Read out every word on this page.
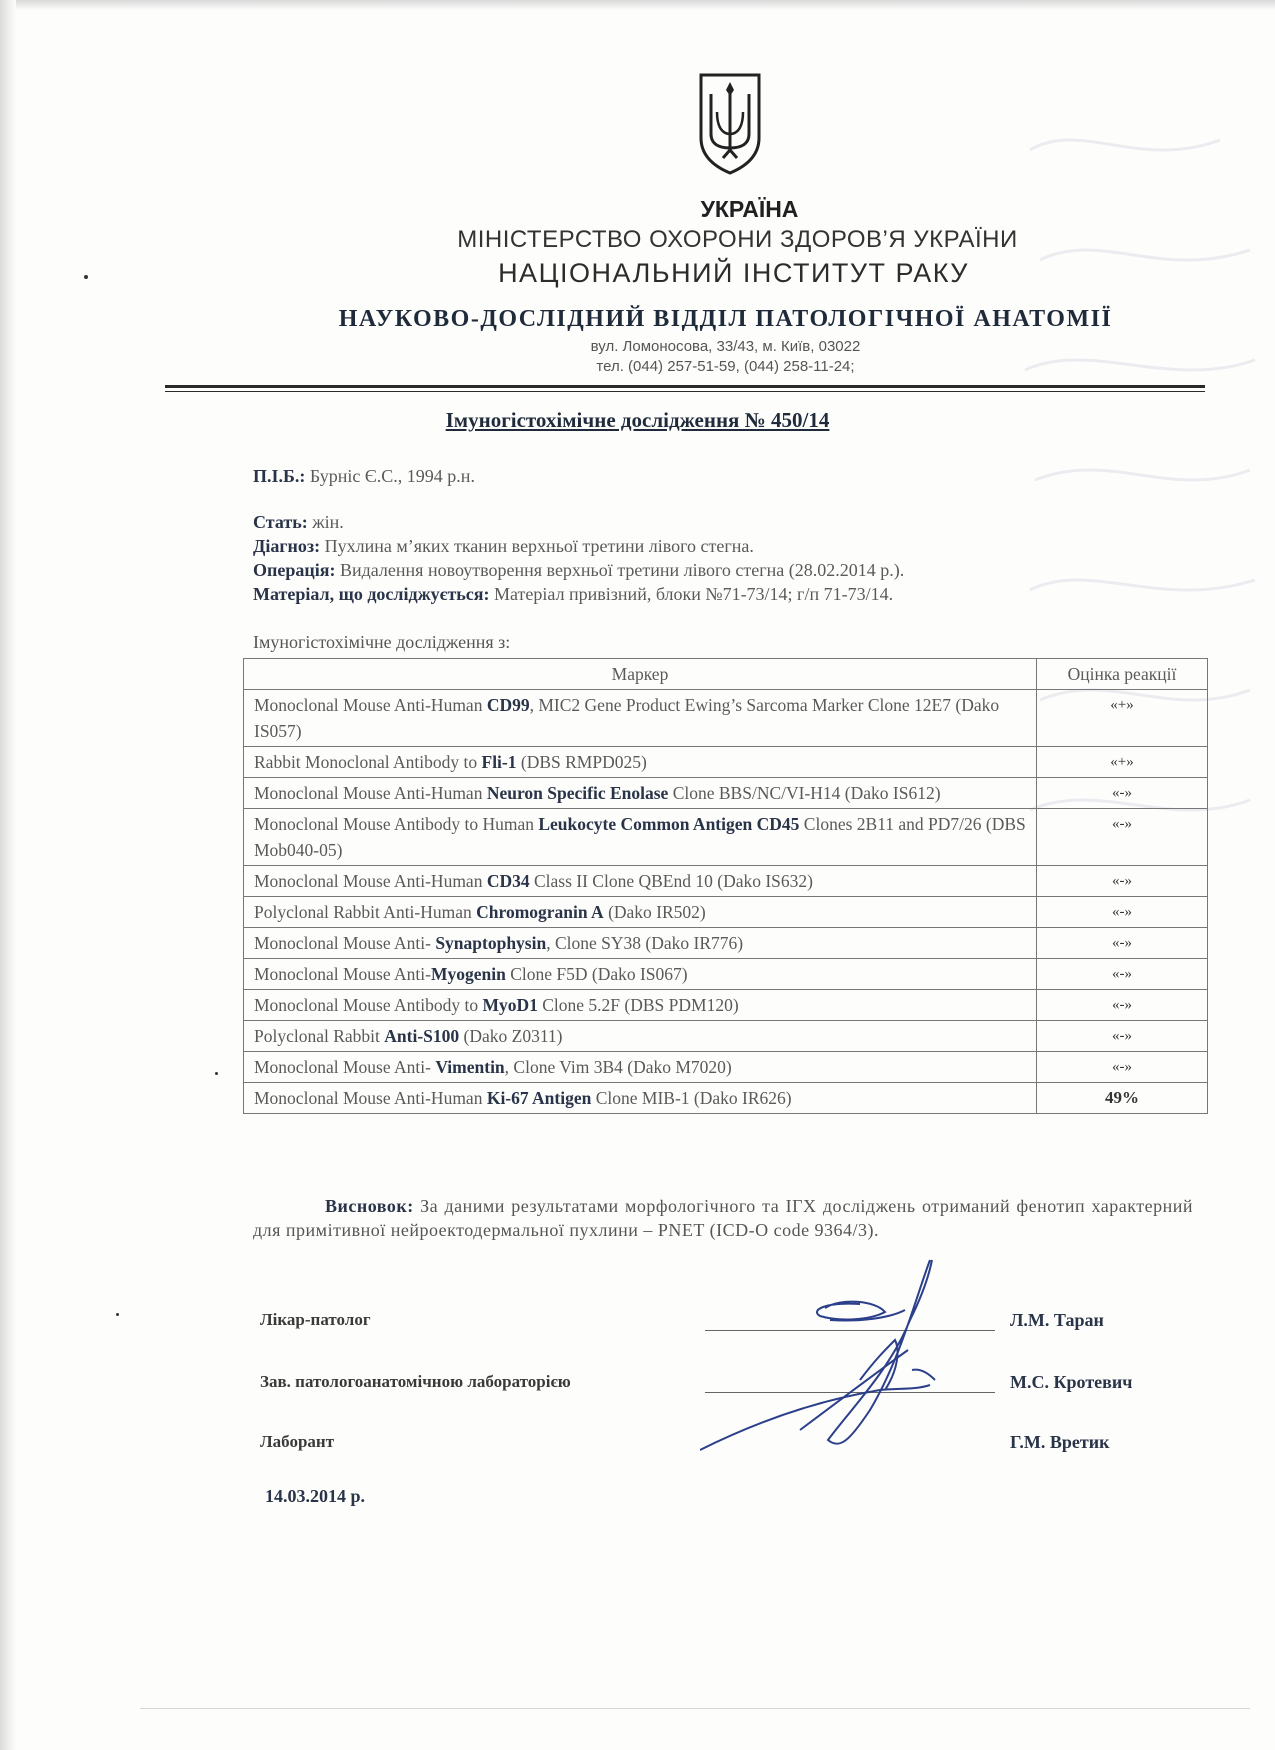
УКРАЇНА
МІНІСТЕРСТВО ОХОРОНИ ЗДОРОВ’Я УКРАЇНИ
НАЦІОНАЛЬНИЙ ІНСТИТУТ РАКУ
НАУКОВО-ДОСЛІДНИЙ ВІДДІЛ ПАТОЛОГІЧНОЇ АНАТОМІЇ
вул. Ломоносова, 33/43, м. Київ, 03022
тел. (044) 257-51-59, (044) 258-11-24;
Імуногістохімічне дослідження № 450/14
П.І.Б.: Бурніс Є.С., 1994 р.н.
Стать: жін.
Діагноз: Пухлина м’яких тканин верхньої третини лівого стегна.
Операція: Видалення новоутворення верхньої третини лівого стегна (28.02.2014 р.).
Матеріал, що досліджується: Матеріал привізний, блоки №71-73/14; г/п 71-73/14.
Імуногістохімічне дослідження з:
Маркер	Оцінка реакції
Monoclonal Mouse Anti-Human CD99, MIC2 Gene Product Ewing’s Sarcoma Marker Clone 12E7 (Dako IS057)	«+»
Rabbit Monoclonal Antibody to Fli-1 (DBS RMPD025)	«+»
Monoclonal Mouse Anti-Human Neuron Specific Enolase Clone BBS/NC/VI-H14 (Dako IS612)	«-»
Monoclonal Mouse Antibody to Human Leukocyte Common Antigen CD45 Clones 2B11 and PD7/26 (DBS Mob040-05)	«-»
Monoclonal Mouse Anti-Human CD34 Class II Clone QBEnd 10 (Dako IS632)	«-»
Polyclonal Rabbit Anti-Human Chromogranin A (Dako IR502)	«-»
Monoclonal Mouse Anti- Synaptophysin, Clone SY38 (Dako IR776)	«-»
Monoclonal Mouse Anti-Myogenin Clone F5D (Dako IS067)	«-»
Monoclonal Mouse Antibody to MyoD1 Clone 5.2F (DBS PDM120)	«-»
Polyclonal Rabbit Anti-S100 (Dako Z0311)	«-»
Monoclonal Mouse Anti- Vimentin, Clone Vim 3B4 (Dako M7020)	«-»
Monoclonal Mouse Anti-Human Ki-67 Antigen Clone MIB-1 (Dako IR626)	49%
Висновок: За даними результатами морфологічного та ІГХ досліджень отриманий фенотип характерний для примітивної нейроектодермальної пухлини – PNET (ICD-O code 9364/3).
Лікар-патолог	Л.М. Таран
Зав. патологоанатомічною лабораторією	М.С. Кротевич
Лаборант	Г.М. Вретик
14.03.2014 р.
